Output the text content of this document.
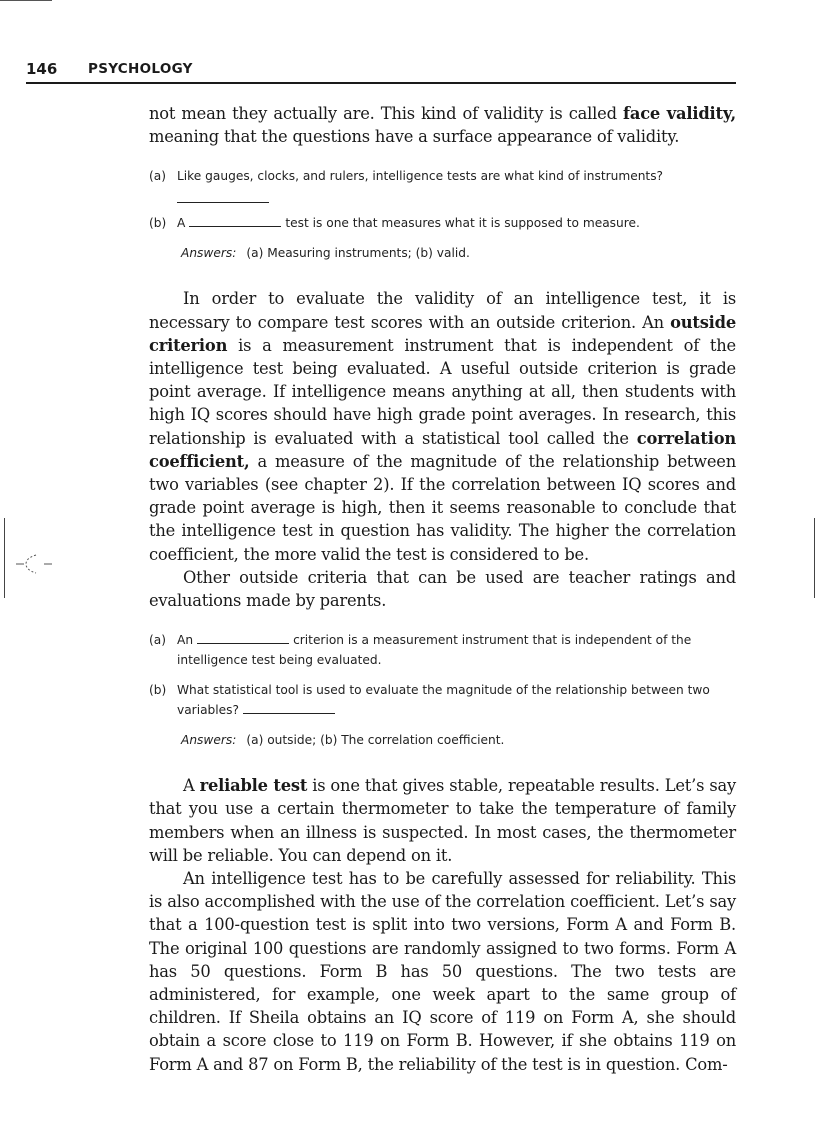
146 PSYCHOLOGY

not mean they actually are. This kind of validity is called face validity, meaning that the questions have a surface appearance of validity.

(a) Like gauges, clocks, and rulers, intelligence tests are what kind of instruments?
(b) A	test is one that measures what it is supposed to measure.

Answers: (a) Measuring instruments; (b) valid.

In order to evaluate the validity of an intelligence test, it is necessary to compare test scores with an outside criterion. An outside criterion is a measurement instrument that is independent of the intelligence test being evaluated. A useful outside criterion is grade point average. If intelligence means anything at all, then students with high IQ scores should have high grade point averages. In research, this relationship is evaluated with a statistical tool called the correlation coefficient, a measure of the magnitude of the relationship between two variables (see chapter 2). If the correlation between IQ scores and grade point average is high, then it seems reasonable to conclude that the intelligence test in question has validity. The higher the correlation coefficient, the more valid the test is considered to be.

Other outside criteria that can be used are teacher ratings and evaluations made by parents.

(a) An	criterion is a measurement instrument that is independent of the intelligence test being evaluated.
(b) What statistical tool is used to evaluate the magnitude of the relationship between two variables?

Answers: (a) outside; (b) The correlation coefficient.

A reliable test is one that gives stable, repeatable results. Let’s say that you use a certain thermometer to take the temperature of family members when an illness is suspected. In most cases, the thermometer will be reliable. You can depend on it.

An intelligence test has to be carefully assessed for reliability. This is also accomplished with the use of the correlation coefficient. Let’s say that a 100-question test is split into two versions, Form A and Form B. The original 100 questions are randomly assigned to two forms. Form A has 50 questions. Form B has 50 questions. The two tests are administered, for example, one week apart to the same group of children. If Sheila obtains an IQ score of 119 on Form A, she should obtain a score close to 119 on Form B. However, if she obtains 119 on Form A and 87 on Form B, the reliability of the test is in question. Com-
